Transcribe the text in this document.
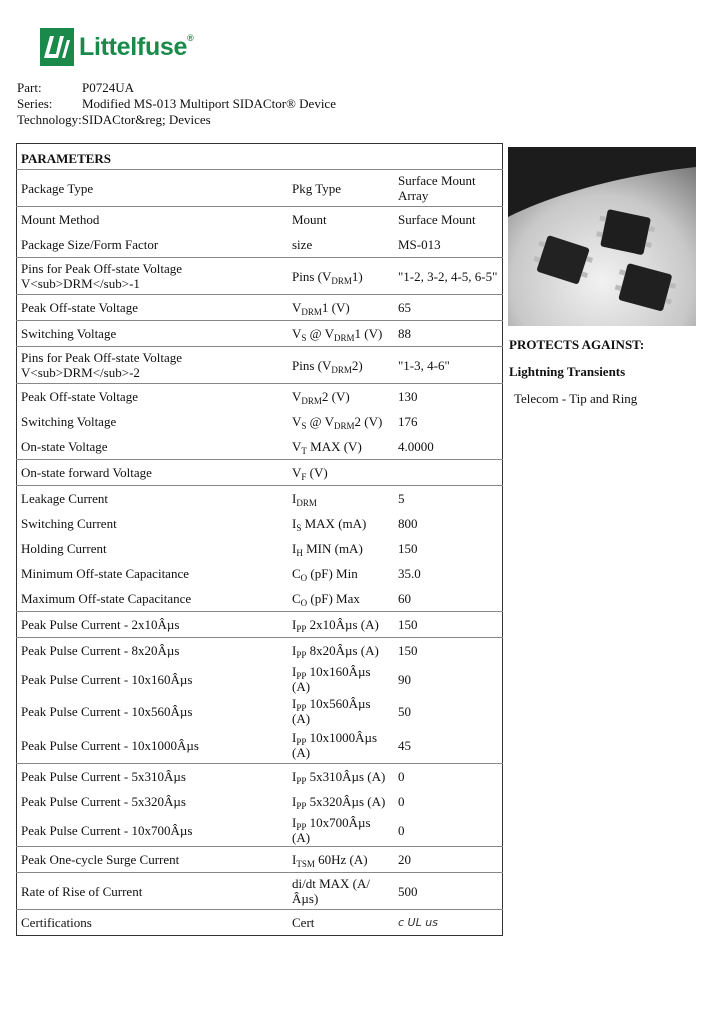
Littelfuse®
Part:	P0724UA
Series:	Modified MS-013 Multiport SIDACtor® Device
Technology: SIDACtor&reg; Devices
PARAMETERS		
Package Type	Pkg Type	Surface Mount Array
Mount Method	Mount	Surface Mount
Package Size/Form Factor	size	MS-013
Pins for Peak Off-state Voltage V<sub>DRM</sub>-1	Pins $(V_{DRM}1)$	"1-2, 3-2, 4-5, 6-5"
Peak Off-state Voltage	$V_{DRM}1$ (V)	65
Switching Voltage	$V_S$ @ $V_{DRM}1$ (V)	88
Pins for Peak Off-state Voltage V<sub>DRM</sub>-2	Pins $(V_{DRM}2)$	"1-3, 4-6"
Peak Off-state Voltage	$V_{DRM}2$ (V)	130
Switching Voltage	$V_S$ @ $V_{DRM}2$ (V)	176
On-state Voltage	$V_T$ MAX (V)	4.0000
On-state forward Voltage	$V_F$ (V)	
Leakage Current	$I_{DRM}$	5
Switching Current	$I_S$ MAX (mA)	800
Holding Current	$I_H$ MIN (mA)	150
Minimum Off-state Capacitance	$C_O$ (pF) Min	35.0
Maximum Off-state Capacitance	$C_O$ (pF) Max	60
Peak Pulse Current - 2x10Âµs	$I_{PP}$ 2x10Âµs (A)	150
Peak Pulse Current - 8x20Âµs	$I_{PP}$ 8x20Âµs (A)	150
Peak Pulse Current - 10x160Âµs	$I_{PP}$ 10x160Âµs (A)	90
Peak Pulse Current - 10x560Âµs	$I_{PP}$ 10x560Âµs (A)	50
Peak Pulse Current - 10x1000Âµs	$I_{PP}$ 10x1000Âµs (A)	45
Peak Pulse Current - 5x310Âµs	$I_{PP}$ 5x310Âµs (A)	0
Peak Pulse Current - 5x320Âµs	$I_{PP}$ 5x320Âµs (A)	0
Peak Pulse Current - 10x700Âµs	$I_{PP}$ 10x700Âµs (A)	0
Peak One-cycle Surge Current	$I_{TSM}$ 60Hz (A)	20
Rate of Rise of Current	di/dt MAX (A/Âµs)	500
Certifications	Cert	c UL us
PROTECTS AGAINST:
Lightning Transients
Telecom - Tip and Ring
